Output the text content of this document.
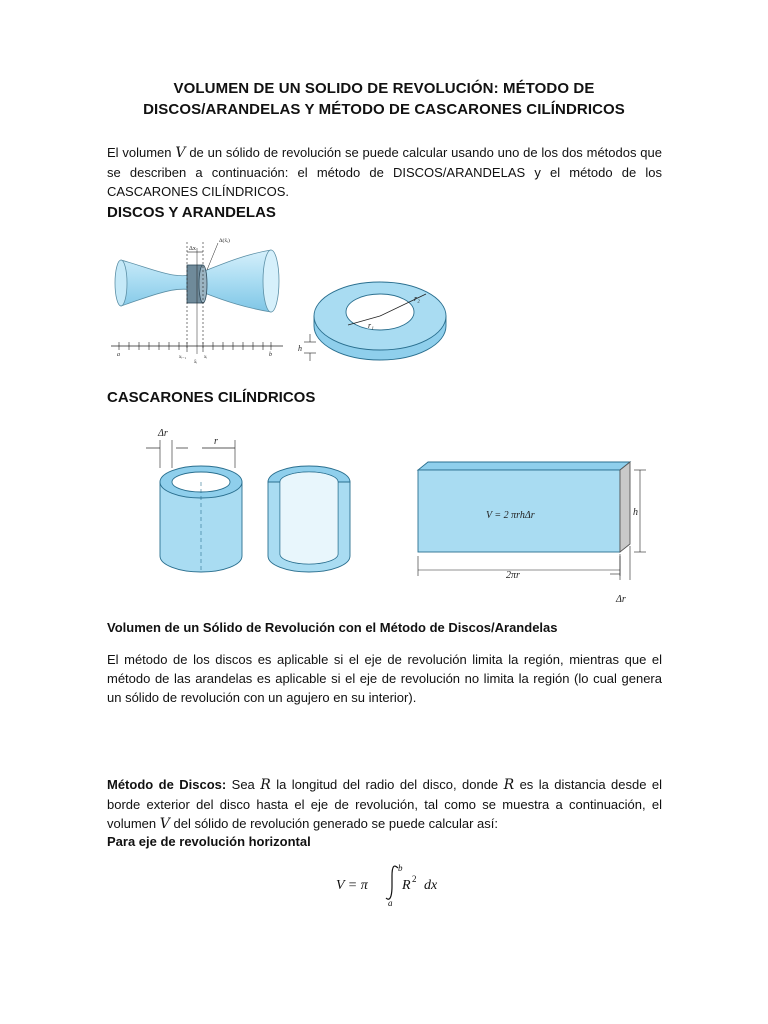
VOLUMEN DE UN SOLIDO DE REVOLUCIÓN: MÉTODO DE
DISCOS/ARANDELAS Y MÉTODO DE CASCARONES CILÍNDRICOS
El volumen V de un sólido de revolución se puede calcular usando uno de los dos métodos que se describen a continuación: el método de DISCOS/ARANDELAS y el método de los CASCARONES CILÍNDRICOS.
DISCOS Y ARANDELAS
Δx
Δ(x̄ᵢ)
a	b
xᵢ₋₁	xᵢ
x̄ᵢ
r₁
r₂
h
CASCARONES CILÍNDRICOS
Δr
r
V = 2 πrhΔr	h
2πr
Δr
Volumen de un Sólido de Revolución con el Método de Discos/Arandelas
El método de los discos es aplicable si el eje de revolución limita la región, mientras que el método de las arandelas es aplicable si el eje de revolución no limita la región (lo cual genera un sólido de revolución con un agujero en su interior).
Método de Discos: Sea R la longitud del radio del disco, donde R es la distancia desde el borde exterior del disco hasta el eje de revolución, tal como se muestra a continuación, el volumen V del sólido de revolución generado se puede calcular así:
Para eje de revolución horizontal
V = π
b
a
R 2 dx
